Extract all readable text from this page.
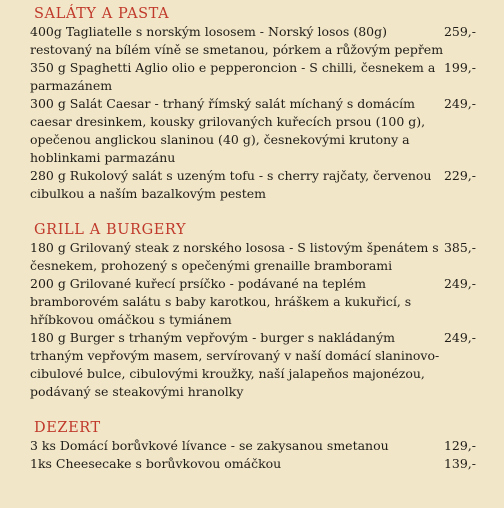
SALÁTY A PASTA
400g Tagliatelle s norským lososem - Norský losos (80g) restovaný na bílém víně se smetanou, pórkem a růžovým pepřem
259,-
350 g Spaghetti Aglio olio e pepperoncion - S chilli, česnekem a parmazánem
199,-
300 g Salát Caesar - trhaný římský salát míchaný s domácím caesar dresinkem, kousky grilovaných kuřecích prsou (100 g), opečenou anglickou slaninou (40 g), česnekovými krutony a hoblinkami parmazánu
249,-
280 g Rukolový salát s uzeným tofu - s cherry rajčaty, červenou cibulkou a naším bazalkovým pestem
229,-
GRILL A BURGERY
180 g Grilovaný steak z norského lososa - S listovým špenátem s česnekem, prohozený s opečenými grenaille bramborami
385,-
200 g Grilované kuřecí prsíčko - podávané na teplém bramborovém salátu s baby karotkou, hráškem a kukuřicí, s hříbkovou omáčkou s tymiánem
249,-
180 g Burger s trhaným vepřovým - burger s nakládaným trhaným vepřovým masem, servírovaný v naší domácí slaninovo-cibulové bulce, cibulovými kroužky, naší jalapeňos majonézou, podávaný se steakovými hranolky
249,-
DEZERT
3 ks Domácí borůvkové lívance - se zakysanou smetanou	129,-
1ks Cheesecake s borůvkovou omáčkou	139,-
